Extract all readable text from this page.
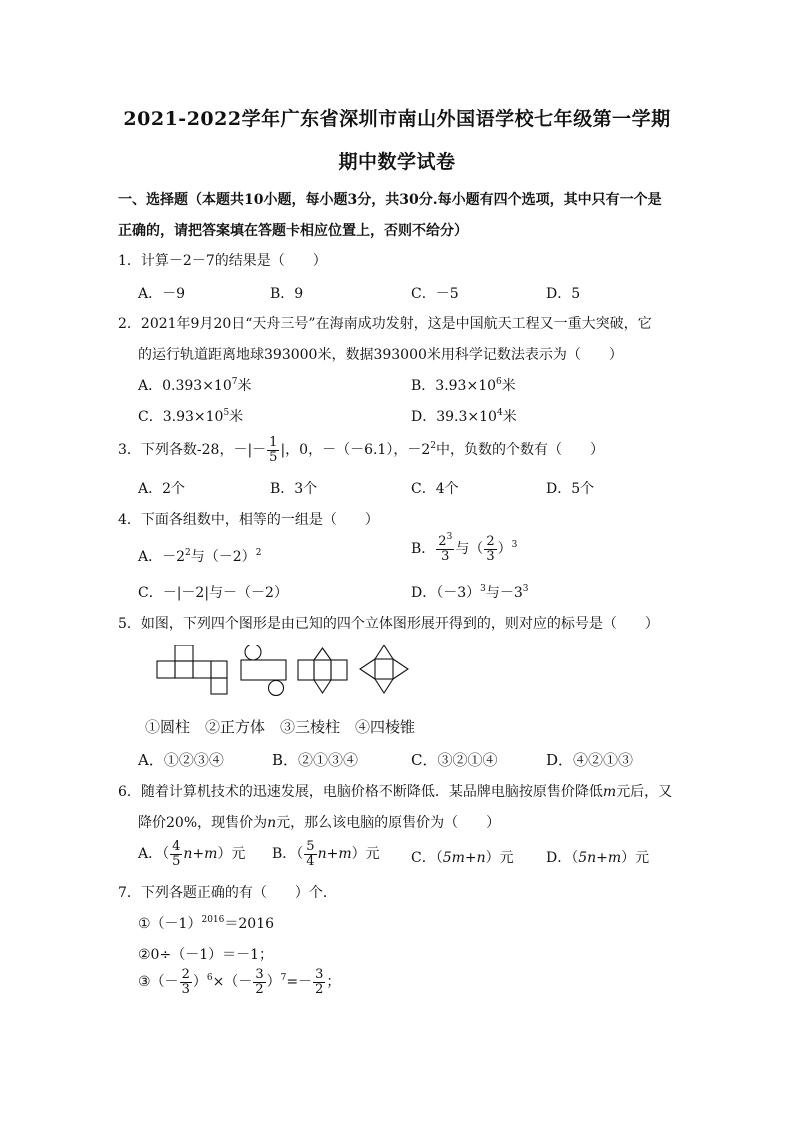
2021-2022学年广东省深圳市南山外国语学校七年级第一学期
期中数学试卷
一、选择题（本题共10小题，每小题3分，共30分.每小题有四个选项，其中只有一个是
正确的，请把答案填在答题卡相应位置上，否则不给分）
1．计算－2－7的结果是（　　）
A．－9	B．9	C．－5	D．5
2．2021年9月20日“天舟三号”在海南成功发射，这是中国航天工程又一重大突破，它
的运行轨道距离地球393000米，数据393000米用科学记数法表示为（　　）
A．$0.393\times 10^7$米	B．$3.93\times 10^6$米
C．$3.93\times 10^5$米	D．$39.3\times 10^4$米
3．下列各数-28，－|－ $\frac{1}{5}$ |，0，－（－6.1），$-2^2$中，负数的个数有（　　）
A．2个	B．3个	C．4个	D．5个
4．下面各组数中，相等的一组是（　　）
A．$-2^2$与$(-2)^2$	B． $\frac{2^3}{3}$ 与（ $\frac{2}{3} )^3$
C．－|－2|与－（－2）	D．$(-3)^3$与$-3^3$
5．如图，下列四个图形是由已知的四个立体图形展开得到的，则对应的标号是（　　）
①圆柱　②正方体　③三棱柱　④四棱锥
A．①②③④	B．②①③④	C．③②①④	D．④②①③
6．随着计算机技术的迅速发展，电脑价格不断降低．某品牌电脑按原售价降低m元后，又
降价20%，现售价为n元，那么该电脑的原售价为（　　）
A．（ $\frac{4}{5} n+m$）元 B．（ $\frac{5}{4} n+m$）元 C．（5m+n）元 D．（5n+m）元
7．下列各题正确的有（　　）个．
$①(-1)^{2016}=2016$
②0÷（－1）＝－1；
③（－ $\frac{2}{3} )^6\times(- \frac{3}{2} )^7=- \frac{3}{2}$ ；
